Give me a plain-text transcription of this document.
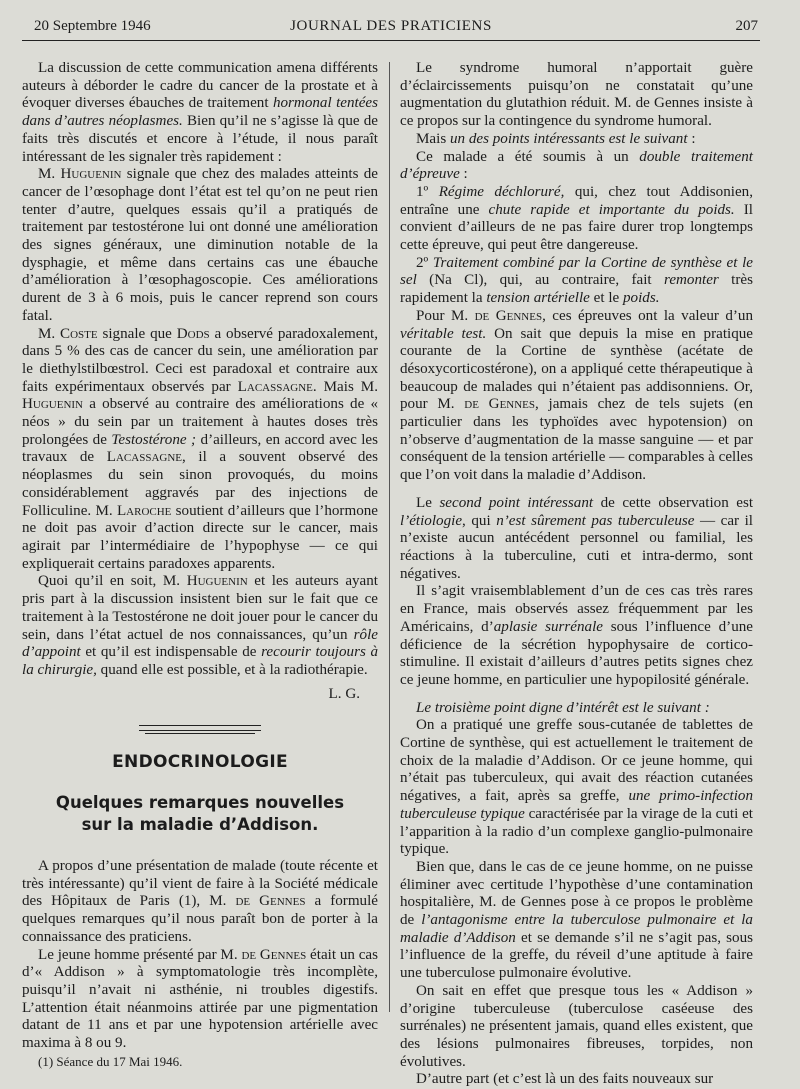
20 Septembre 1946	JOURNAL DES PRATICIENS	207

La discussion de cette communication amena différents auteurs à déborder le cadre du cancer de la prostate et à évoquer diverses ébauches de traitement hormonal tentées dans d’autres néoplasmes. Bien qu’il ne s’agisse là que de faits très discutés et encore à l’étude, il nous paraît intéressant de les signaler très rapidement :

M. Huguenin signale que chez des malades atteints de cancer de l’œsophage dont l’état est tel qu’on ne peut rien tenter d’autre, quelques essais qu’il a pratiqués de traitement par testostérone lui ont donné une amélioration des signes généraux, une diminution notable de la dysphagie, et même dans certains cas une ébauche d’amélioration à l’œsophagoscopie. Ces améliorations durent de 3 à 6 mois, puis le cancer reprend son cours fatal.

M. Coste signale que Dods a observé paradoxalement, dans 5 % des cas de cancer du sein, une amélioration par le diethylstilbœstrol. Ceci est paradoxal et contraire aux faits expérimentaux observés par Lacassagne. Mais M. Huguenin a observé au contraire des améliorations de « néos » du sein par un traitement à hautes doses très prolongées de Testostérone ; d’ailleurs, en accord avec les travaux de Lacassagne, il a souvent observé des néoplasmes du sein sinon provoqués, du moins considérablement aggravés par des injections de Folliculine. M. Laroche soutient d’ailleurs que l’hormone ne doit pas avoir d’action directe sur le cancer, mais agirait par l’intermédiaire de l’hypophyse — ce qui expliquerait certains paradoxes apparents.

Quoi qu’il en soit, M. Huguenin et les auteurs ayant pris part à la discussion insistent bien sur le fait que ce traitement à la Testostérone ne doit jouer pour le cancer du sein, dans l’état actuel de nos connaissances, qu’un rôle d’appoint et qu’il est indispensable de recourir toujours à la chirurgie, quand elle est possible, et à la radiothérapie.

L. G.
ENDOCRINOLOGIE
Quelques remarques nouvelles
sur la maladie d’Addison.

A propos d’une présentation de malade (toute récente et très intéressante) qu’il vient de faire à la Société médicale des Hôpitaux de Paris (1), M. de Gennes a formulé quelques remarques qu’il nous paraît bon de porter à la connaissance des praticiens.

Le jeune homme présenté par M. de Gennes était un cas d’« Addison » à symptomatologie très incomplète, puisqu’il n’avait ni asthénie, ni troubles digestifs. L’attention était néanmoins attirée par une pigmentation datant de 11 ans et par une hypotension artérielle avec maxima à 8 ou 9.

(1) Séance du 17 Mai 1946.

Le syndrome humoral n’apportait guère d’éclaircissements puisqu’on ne constatait qu’une augmentation du glutathion réduit. M. de Gennes insiste à ce propos sur la contingence du syndrome humoral.

Mais un des points intéressants est le suivant :

Ce malade a été soumis à un double traitement d’épreuve :

1º Régime déchloruré, qui, chez tout Addisonien, entraîne une chute rapide et importante du poids. Il convient d’ailleurs de ne pas faire durer trop longtemps cette épreuve, qui peut être dangereuse.

2º Traitement combiné par la Cortine de synthèse et le sel (Na Cl), qui, au contraire, fait remonter très rapidement la tension artérielle et le poids.

Pour M. de Gennes, ces épreuves ont la valeur d’un véritable test. On sait que depuis la mise en pratique courante de la Cortine de synthèse (acétate de désoxycorticostérone), on a appliqué cette thérapeutique à beaucoup de malades qui n’étaient pas addisonniens. Or, pour M. de Gennes, jamais chez de tels sujets (en particulier dans les typhoïdes avec hypotension) on n’observe d’augmentation de la masse sanguine — et par conséquent de la tension artérielle — comparables à celles que l’on voit dans la maladie d’Addison.

Le second point intéressant de cette observation est l’étiologie, qui n’est sûrement pas tuberculeuse — car il n’existe aucun antécédent personnel ou familial, les réactions à la tuberculine, cuti et intra-dermo, sont négatives.

Il s’agit vraisemblablement d’un de ces cas très rares en France, mais observés assez fréquemment par les Américains, d’aplasie surrénale sous l’influence d’une déficience de la sécrétion hypophysaire de cortico-stimuline. Il existait d’ailleurs d’autres petits signes chez ce jeune homme, en particulier une hypopilosité générale.

Le troisième point digne d’intérêt est le suivant :

On a pratiqué une greffe sous-cutanée de tablettes de Cortine de synthèse, qui est actuellement le traitement de choix de la maladie d’Addison. Or ce jeune homme, qui n’était pas tuberculeux, qui avait des réaction cutanées négatives, a fait, après sa greffe, une primo-infection tuberculeuse typique caractérisée par la virage de la cuti et l’apparition à la radio d’un complexe ganglio-pulmonaire typique.

Bien que, dans le cas de ce jeune homme, on ne puisse éliminer avec certitude l’hypothèse d’une contamination hospitalière, M. de Gennes pose à ce propos le problème de l’antagonisme entre la tuberculose pulmonaire et la maladie d’Addison et se demande s’il ne s’agit pas, sous l’influence de la greffe, du réveil d’une aptitude à faire une tuberculose pulmonaire évolutive.

On sait en effet que presque tous les « Addison » d’origine tuberculeuse (tuberculose caséeuse des surrénales) ne présentent jamais, quand elles existent, que des lésions pulmonaires fibreuses, torpides, non évolutives.

D’autre part (et c’est là un des faits nouveaux sur
